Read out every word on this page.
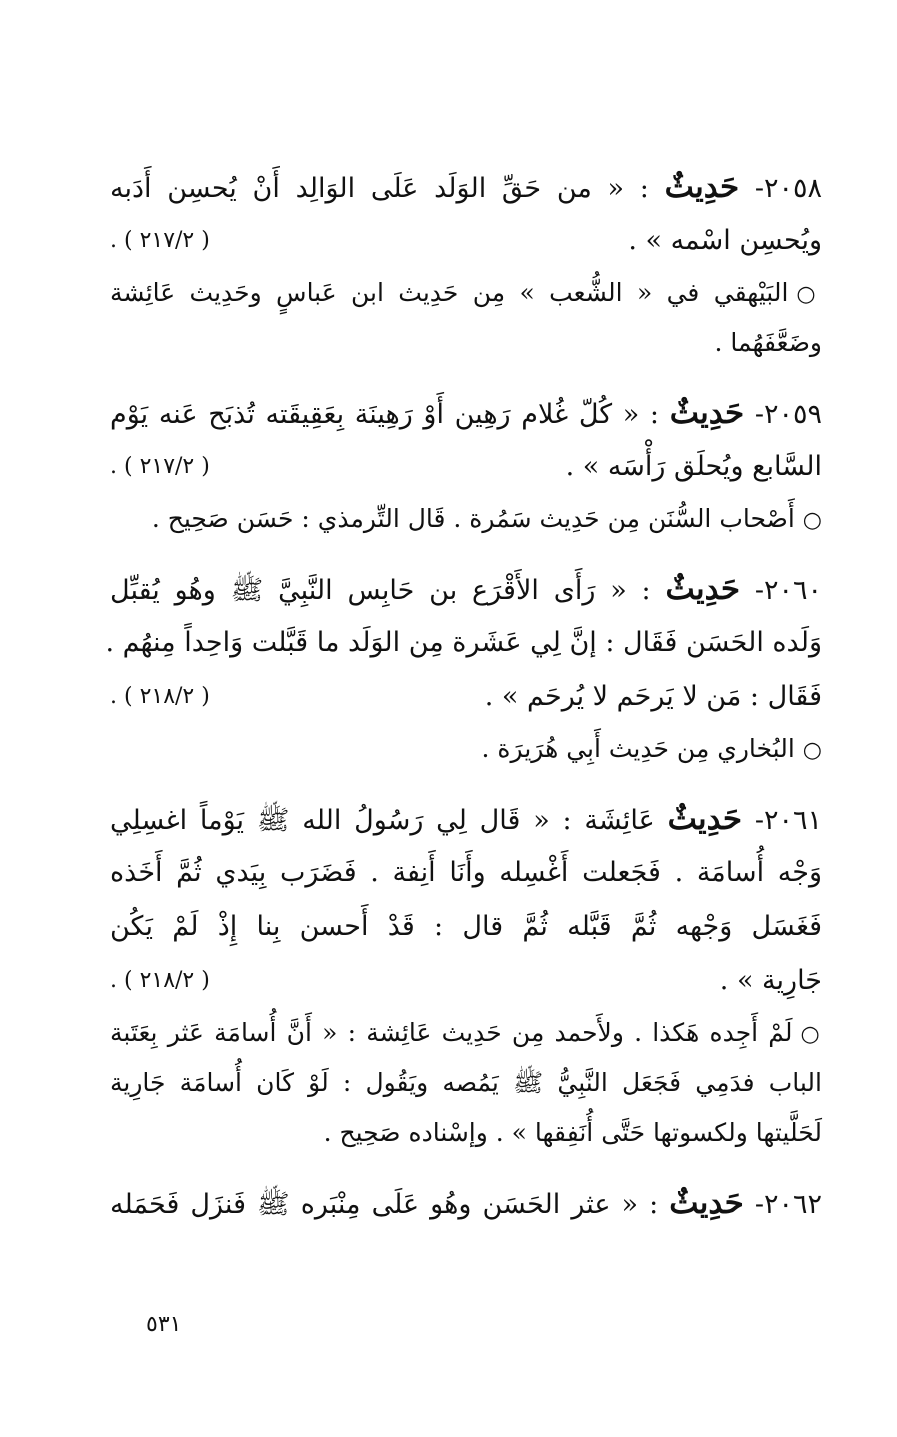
٢٠٥٨- حَدِيثٌ : « من حَقِّ الوَلَد عَلَى الوَالِد أَنْ يُحسِن أَدَبه
ويُحسِن اسْمه » .
( ٢١٧/٢ ) .
○البَيْهقي في « الشُّعب » مِن حَدِيث ابن عَباسٍ وحَدِيث عَائِشة
وضَعَّفَهُما .
٢٠٥٩- حَدِيثٌ : « كُلّ غُلام رَهِين أَوْ رَهِينَة بِعَقِيقَته تُذبَح عَنه يَوْم
السَّابع ويُحلَق رَأْسَه » .
( ٢١٧/٢ ) .
○أَصْحاب السُّنَن مِن حَدِيث سَمُرة . قَال التِّرمذي : حَسَن صَحِيح .
٢٠٦٠- حَدِيثٌ : « رَأَى الأَقْرَع بن حَابِس النَّبِيَّ ﷺ وهُو يُقبِّل
وَلَده الحَسَن فَقَال : إنَّ لِي عَشَرة مِن الوَلَد ما قَبَّلت وَاحِداً مِنهُم .
فَقَال : مَن لا يَرحَم لا يُرحَم » .
( ٢١٨/٢ ) .
○البُخاري مِن حَدِيث أَبِي هُرَيرَة .
٢٠٦١- حَدِيثٌ عَائِشَة : « قَال لِي رَسُولُ الله ﷺ يَوْماً اغسِلِي
وَجْه أُسامَة . فَجَعلت أَغْسِله وأَنَا أَنِفة . فَضَرَب بِيَدي ثُمَّ أَخَذه
فَغَسَل وَجْهه ثُمَّ قَبَّله ثُمَّ قال : قَدْ أَحسن بِنا إِذْ لَمْ يَكُن
جَارِية » .
( ٢١٨/٢ ) .
○لَمْ أَجِده هَكذا . ولأَحمد مِن حَدِيث عَائِشة : « أَنَّ أُسامَة عَثر بِعَتَبة
الباب فدَمِي فَجَعَل النَّبِيُّ ﷺ يَمُصه ويَقُول : لَوْ كَان أُسامَة جَارِية
لَحَلَّيتها ولكسوتها حَتَّى أُنَفِقها » . وإسْناده صَحِيح .
٢٠٦٢- حَدِيثٌ : « عثر الحَسَن وهُو عَلَى مِنْبَره ﷺ فَنزَل فَحَمَله
٥٣١
